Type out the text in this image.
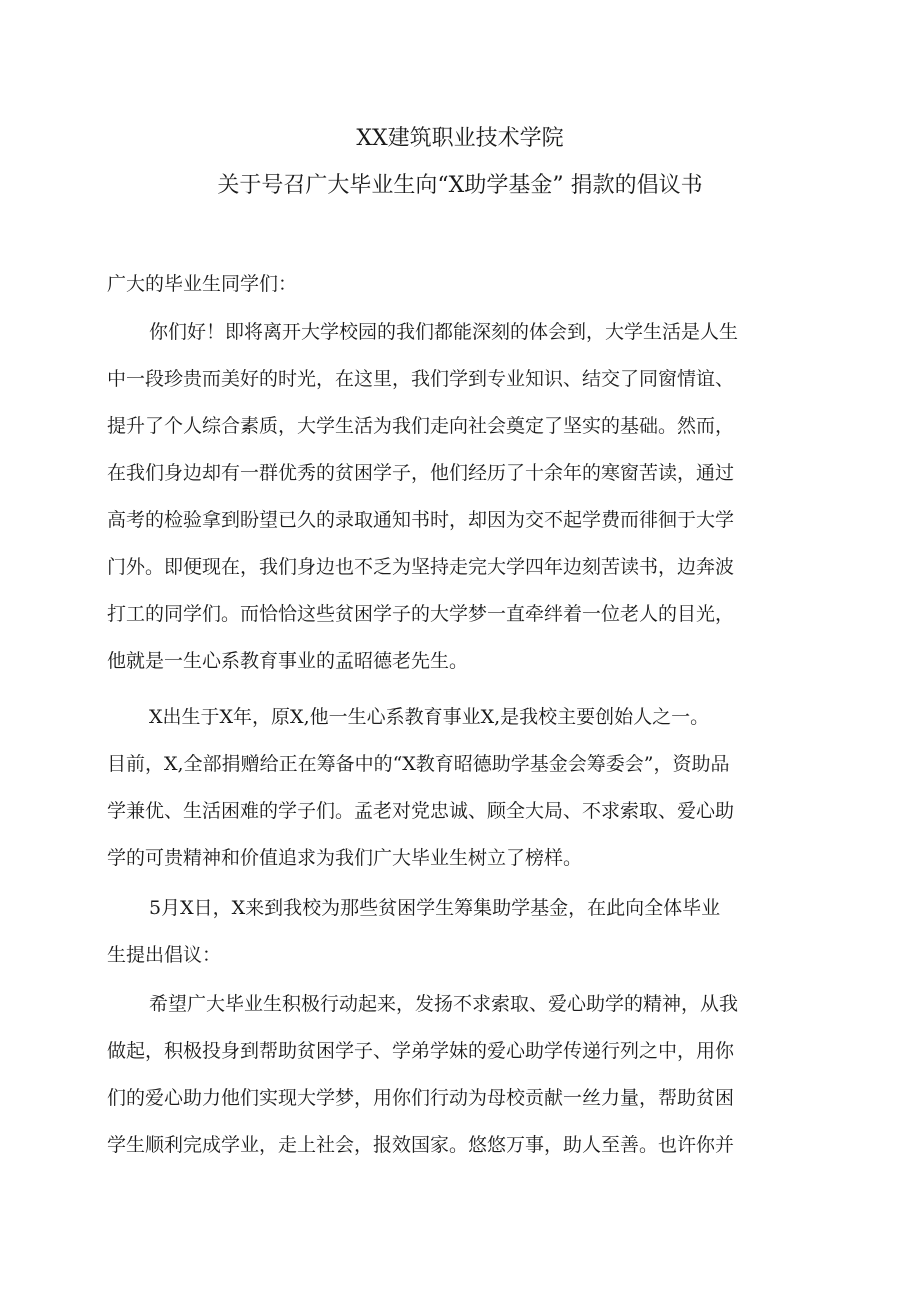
XX建筑职业技术学院
关于号召广大毕业生向“X助学基金” 捐款的倡议书
广大的毕业生同学们：
你们好！即将离开大学校园的我们都能深刻的体会到，大学生活是人生
中一段珍贵而美好的时光，在这里，我们学到专业知识、结交了同窗情谊、
提升了个人综合素质，大学生活为我们走向社会奠定了坚实的基础。然而，
在我们身边却有一群优秀的贫困学子，他们经历了十余年的寒窗苦读，通过
高考的检验拿到盼望已久的录取通知书时，却因为交不起学费而徘徊于大学
门外。即便现在，我们身边也不乏为坚持走完大学四年边刻苦读书，边奔波
打工的同学们。而恰恰这些贫困学子的大学梦一直牵绊着一位老人的目光，
他就是一生心系教育事业的孟昭德老先生。
X出生于X年，原X,他一生心系教育事业X,是我校主要创始人之一。
目前，X,全部捐赠给正在筹备中的“X教育昭德助学基金会筹委会”，资助品
学兼优、生活困难的学子们。孟老对党忠诚、顾全大局、不求索取、爱心助
学的可贵精神和价值追求为我们广大毕业生树立了榜样。
5月X日，X来到我校为那些贫困学生筹集助学基金，在此向全体毕业
生提出倡议：
希望广大毕业生积极行动起来，发扬不求索取、爱心助学的精神，从我
做起，积极投身到帮助贫困学子、学弟学妹的爱心助学传递行列之中，用你
们的爱心助力他们实现大学梦，用你们行动为母校贡献一丝力量，帮助贫困
学生顺利完成学业，走上社会，报效国家。悠悠万事，助人至善。也许你并
